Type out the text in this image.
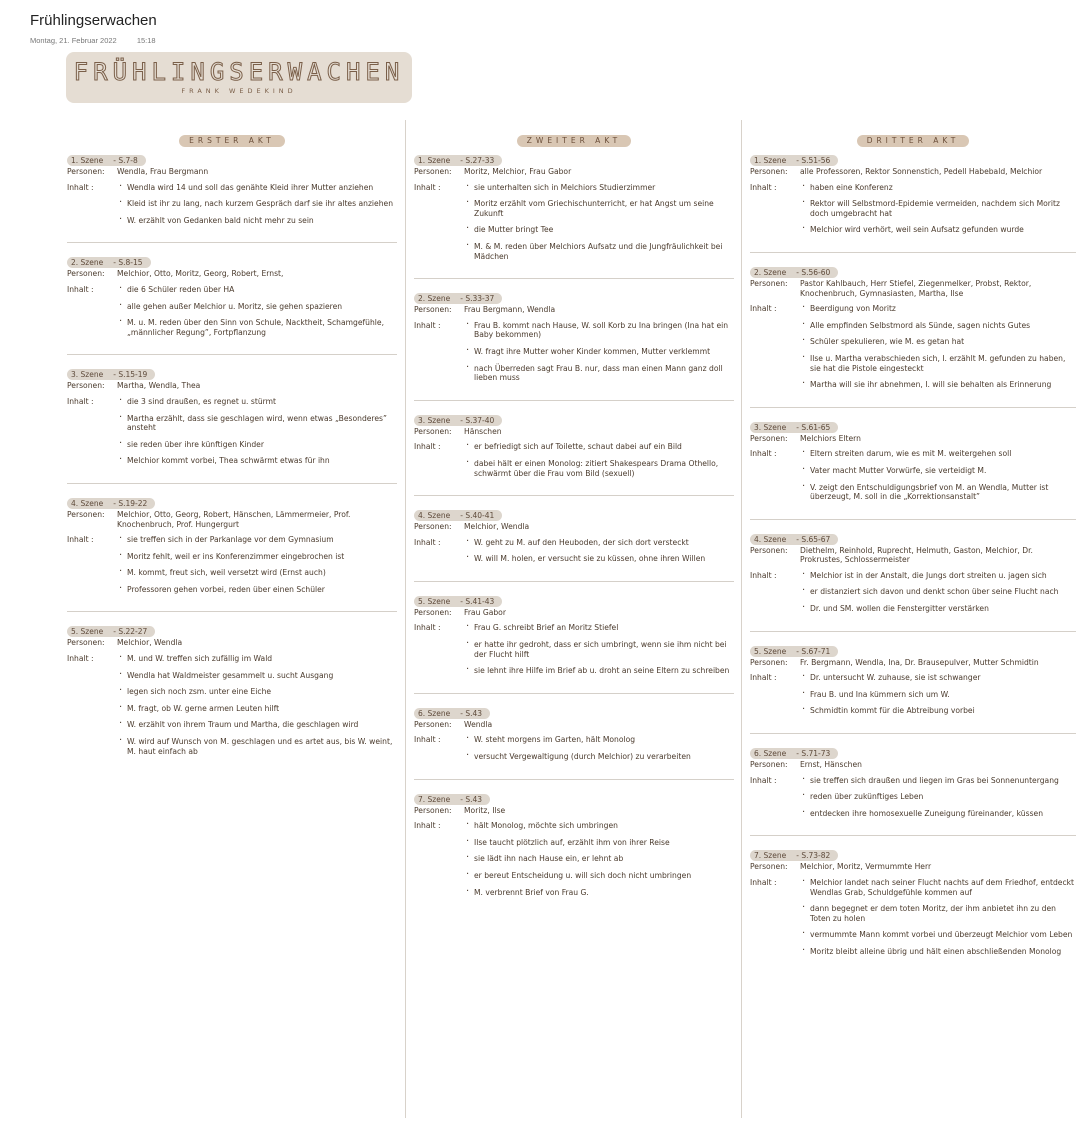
Frühlingserwachen
Montag, 21. Februar 2022	15:18
FRÜHLINGSERWACHEN
FRANK WEDEKIND
ERSTER AKT
1. Szene - S.7-8
Personen:	Wendla, Frau Bergmann
Inhalt :	· Wendla wird 14 und soll das genähte Kleid ihrer Mutter anziehen
· Kleid ist ihr zu lang, nach kurzem Gespräch darf sie ihr altes anziehen
· W. erzählt von Gedanken bald nicht mehr zu sein
2. Szene - S.8-15
Personen:	Melchior, Otto, Moritz, Georg, Robert, Ernst,
Inhalt :	· die 6 Schüler reden über HA
· alle gehen außer Melchior u. Moritz, sie gehen spazieren
· M. u. M. reden über den Sinn von Schule, Nacktheit, Schamgefühle, „männlicher Regung”, Fortpflanzung
3. Szene - S.15-19
Personen:	Martha, Wendla, Thea
Inhalt :	· die 3 sind draußen, es regnet u. stürmt
· Martha erzählt, dass sie geschlagen wird, wenn etwas „Besonderes” ansteht
· sie reden über ihre künftigen Kinder
· Melchior kommt vorbei, Thea schwärmt etwas für ihn
4. Szene - S.19-22
Personen:	Melchior, Otto, Georg, Robert, Hänschen, Lämmermeier, Prof. Knochenbruch, Prof. Hungergurt
Inhalt :	· sie treffen sich in der Parkanlage vor dem Gymnasium
· Moritz fehlt, weil er ins Konferenzimmer eingebrochen ist
· M. kommt, freut sich, weil versetzt wird (Ernst auch)
· Professoren gehen vorbei, reden über einen Schüler
5. Szene - S.22-27
Personen:	Melchior, Wendla
Inhalt :	· M. und W. treffen sich zufällig im Wald
· Wendla hat Waldmeister gesammelt u. sucht Ausgang
· legen sich noch zsm. unter eine Eiche
· M. fragt, ob W. gerne armen Leuten hilft
· W. erzählt von ihrem Traum und Martha, die geschlagen wird
· W. wird auf Wunsch von M. geschlagen und es artet aus, bis W. weint, M. haut einfach ab
ZWEITER AKT
1. Szene - S.27-33
Personen:	Moritz, Melchior, Frau Gabor
Inhalt :	· sie unterhalten sich in Melchiors Studierzimmer
· Moritz erzählt vom Griechischunterricht, er hat Angst um seine Zukunft
· die Mutter bringt Tee
· M. & M. reden über Melchiors Aufsatz und die Jungfräulichkeit bei Mädchen
2. Szene - S.33-37
Personen:	Frau Bergmann, Wendla
Inhalt :	· Frau B. kommt nach Hause, W. soll Korb zu Ina bringen (Ina hat ein Baby bekommen)
· W. fragt ihre Mutter woher Kinder kommen, Mutter verklemmt
· nach Überreden sagt Frau B. nur, dass man einen Mann ganz doll lieben muss
3. Szene - S.37-40
Personen:	Hänschen
Inhalt :	· er befriedigt sich auf Toilette, schaut dabei auf ein Bild
· dabei hält er einen Monolog: zitiert Shakespears Drama Othello, schwärmt über die Frau vom Bild (sexuell)
4. Szene - S.40-41
Personen:	Melchior, Wendla
Inhalt :	· W. geht zu M. auf den Heuboden, der sich dort versteckt
· W. will M. holen, er versucht sie zu küssen, ohne ihren Willen
5. Szene - S.41-43
Personen:	Frau Gabor
Inhalt :	· Frau G. schreibt Brief an Moritz Stiefel
· er hatte ihr gedroht, dass er sich umbringt, wenn sie ihm nicht bei der Flucht hilft
· sie lehnt ihre Hilfe im Brief ab u. droht an seine Eltern zu schreiben
6. Szene - S.43
Personen:	Wendla
Inhalt :	· W. steht morgens im Garten, hält Monolog
· versucht Vergewaltigung (durch Melchior) zu verarbeiten
7. Szene - S.43
Personen:	Moritz, Ilse
Inhalt :	· hält Monolog, möchte sich umbringen
· Ilse taucht plötzlich auf, erzählt ihm von ihrer Reise
· sie lädt ihn nach Hause ein, er lehnt ab
· er bereut Entscheidung u. will sich doch nicht umbringen
· M. verbrennt Brief von Frau G.
DRITTER AKT
1. Szene - S.51-56
Personen:	alle Professoren, Rektor Sonnenstich, Pedell Habebald, Melchior
Inhalt :	· haben eine Konferenz
· Rektor will Selbstmord-Epidemie vermeiden, nachdem sich Moritz doch umgebracht hat
· Melchior wird verhört, weil sein Aufsatz gefunden wurde
2. Szene - S.56-60
Personen:	Pastor Kahlbauch, Herr Stiefel, Ziegenmelker, Probst, Rektor, Knochenbruch, Gymnasiasten, Martha, Ilse
Inhalt :	· Beerdigung von Moritz
· Alle empfinden Selbstmord als Sünde, sagen nichts Gutes
· Schüler spekulieren, wie M. es getan hat
· Ilse u. Martha verabschieden sich, I. erzählt M. gefunden zu haben, sie hat die Pistole eingesteckt
· Martha will sie ihr abnehmen, I. will sie behalten als Erinnerung
3. Szene - S.61-65
Personen:	Melchiors Eltern
Inhalt :	· Eltern streiten darum, wie es mit M. weitergehen soll
· Vater macht Mutter Vorwürfe, sie verteidigt M.
· V. zeigt den Entschuldigungsbrief von M. an Wendla, Mutter ist überzeugt, M. soll in die „Korrektionsanstalt”
4. Szene - S.65-67
Personen:	Diethelm, Reinhold, Ruprecht, Helmuth, Gaston, Melchior, Dr. Prokrustes, Schlossermeister
Inhalt :	· Melchior ist in der Anstalt, die Jungs dort streiten u. jagen sich
· er distanziert sich davon und denkt schon über seine Flucht nach
· Dr. und SM. wollen die Fenstergitter verstärken
5. Szene - S.67-71
Personen:	Fr. Bergmann, Wendla, Ina, Dr. Brausepulver, Mutter Schmidtin
Inhalt :	· Dr. untersucht W. zuhause, sie ist schwanger
· Frau B. und Ina kümmern sich um W.
· Schmidtin kommt für die Abtreibung vorbei
6. Szene - S.71-73
Personen:	Ernst, Hänschen
Inhalt :	· sie treffen sich draußen und liegen im Gras bei Sonnenuntergang
· reden über zukünftiges Leben
· entdecken ihre homosexuelle Zuneigung füreinander, küssen
7. Szene - S.73-82
Personen:	Melchior, Moritz, Vermummte Herr
Inhalt :	· Melchior landet nach seiner Flucht nachts auf dem Friedhof, entdeckt Wendlas Grab, Schuldgefühle kommen auf
· dann begegnet er dem toten Moritz, der ihm anbietet ihn zu den Toten zu holen
· vermummte Mann kommt vorbei und überzeugt Melchior vom Leben
· Moritz bleibt alleine übrig und hält einen abschließenden Monolog
